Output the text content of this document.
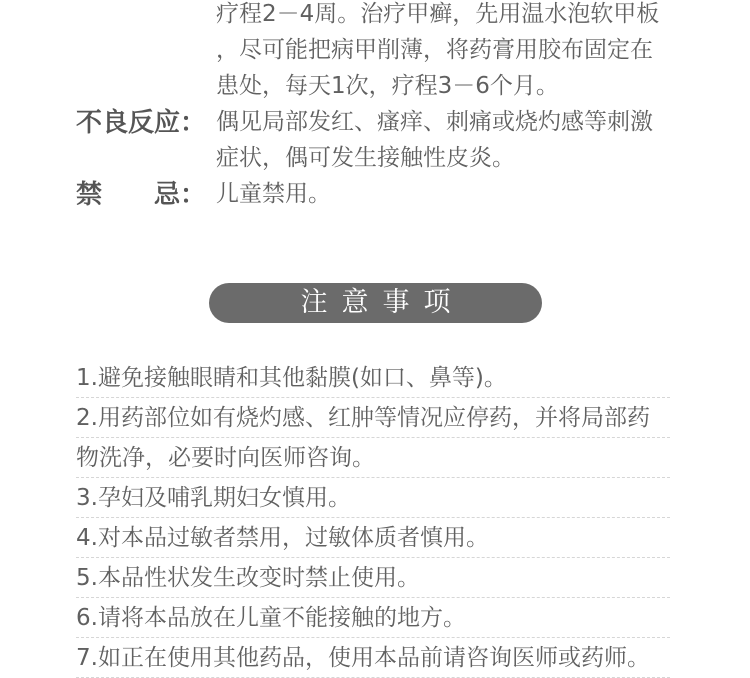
疗程2－4周。治疗甲癣，先用温水泡软甲板
，尽可能把病甲削薄，将药膏用胶布固定在
患处，每天1次，疗程3－6个月。
不良反应： 偶见局部发红、瘙痒、刺痛或烧灼感等刺激
症状，偶可发生接触性皮炎。
禁　　忌： 儿童禁用。
注意事项
1.避免接触眼睛和其他黏膜(如口、鼻等)。
2.用药部位如有烧灼感、红肿等情况应停药，并将局部药
物洗净，必要时向医师咨询。
3.孕妇及哺乳期妇女慎用。
4.对本品过敏者禁用，过敏体质者慎用。
5.本品性状发生改变时禁止使用。
6.请将本品放在儿童不能接触的地方。
7.如正在使用其他药品，使用本品前请咨询医师或药师。
